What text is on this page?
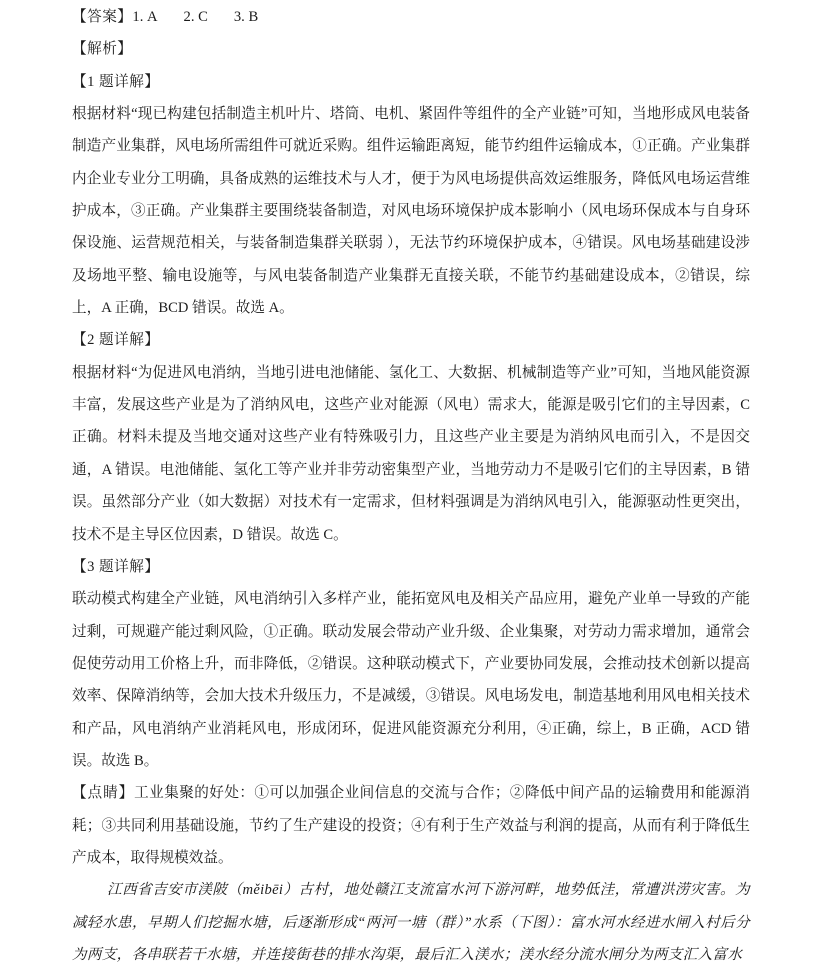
【答案】1. A 2. C 3. B

【解析】

【1 题详解】

根据材料“现已构建包括制造主机叶片、塔筒、电机、紧固件等组件的全产业链”可知，当地形成风电装备制造产业集群，风电场所需组件可就近采购。组件运输距离短，能节约组件运输成本，①正确。产业集群内企业专业分工明确，具备成熟的运维技术与人才，便于为风电场提供高效运维服务，降低风电场运营维护成本，③正确。产业集群主要围绕装备制造，对风电场环境保护成本影响小（风电场环保成本与自身环保设施、运营规范相关，与装备制造集群关联弱 ），无法节约环境保护成本，④错误。风电场基础建设涉及场地平整、输电设施等，与风电装备制造产业集群无直接关联，不能节约基础建设成本，②错误，综上，A 正确，BCD 错误。故选 A。

【2 题详解】

根据材料“为促进风电消纳，当地引进电池储能、氢化工、大数据、机械制造等产业”可知，当地风能资源丰富，发展这些产业是为了消纳风电，这些产业对能源（风电）需求大，能源是吸引它们的主导因素，C 正确。材料未提及当地交通对这些产业有特殊吸引力，且这些产业主要是为消纳风电而引入，不是因交通，A 错误。电池储能、氢化工等产业并非劳动密集型产业，当地劳动力不是吸引它们的主导因素，B 错误。虽然部分产业（如大数据）对技术有一定需求，但材料强调是为消纳风电引入，能源驱动性更突出，技术不是主导区位因素，D 错误。故选 C。

【3 题详解】

联动模式构建全产业链，风电消纳引入多样产业，能拓宽风电及相关产品应用，避免产业单一导致的产能过剩，可规避产能过剩风险，①正确。联动发展会带动产业升级、企业集聚，对劳动力需求增加，通常会促使劳动用工价格上升，而非降低，②错误。这种联动模式下，产业要协同发展，会推动技术创新以提高效率、保障消纳等，会加大技术升级压力，不是减缓，③错误。风电场发电，制造基地利用风电相关技术和产品，风电消纳产业消耗风电，形成闭环，促进风能资源充分利用，④正确，综上，B 正确，ACD 错误。故选 B。

【点睛】工业集聚的好处：①可以加强企业间信息的交流与合作；②降低中间产品的运输费用和能源消耗；③共同利用基础设施，节约了生产建设的投资；④有利于生产效益与利润的提高，从而有利于降低生产成本，取得规模效益。

江西省吉安市渼陂（měibēi）古村，地处赣江支流富水河下游河畔，地势低洼，常遭洪涝灾害。为减轻水患，早期人们挖掘水塘，后逐渐形成“两河一塘（群）”水系（下图）：富水河水经进水闸入村后分为两支，各串联若干水塘，并连接街巷的排水沟渠，最后汇入渼水；渼水经分流水闸分为两支汇入富水
